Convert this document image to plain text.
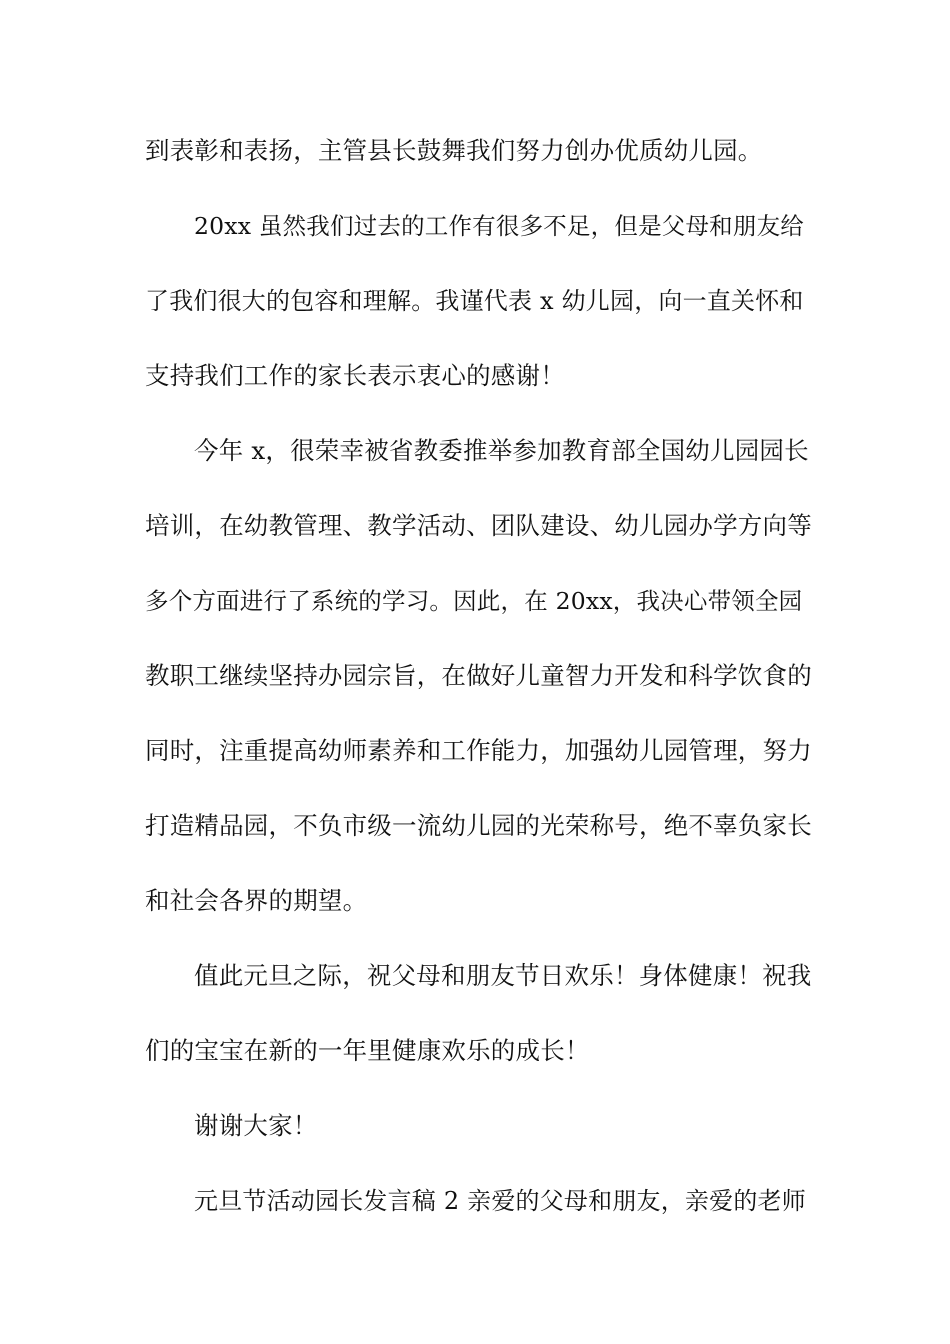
到表彰和表扬，主管县长鼓舞我们努力创办优质幼儿园。
20xx 虽然我们过去的工作有很多不足，但是父母和朋友给
了我们很大的包容和理解。我谨代表 x 幼儿园，向一直关怀和
支持我们工作的家长表示衷心的感谢！
今年 x，很荣幸被省教委推举参加教育部全国幼儿园园长
培训，在幼教管理、教学活动、团队建设、幼儿园办学方向等
多个方面进行了系统的学习。因此，在 20xx，我决心带领全园
教职工继续坚持办园宗旨，在做好儿童智力开发和科学饮食的
同时，注重提高幼师素养和工作能力，加强幼儿园管理，努力
打造精品园，不负市级一流幼儿园的光荣称号，绝不辜负家长
和社会各界的期望。
值此元旦之际，祝父母和朋友节日欢乐！身体健康！祝我
们的宝宝在新的一年里健康欢乐的成长！
谢谢大家！
元旦节活动园长发言稿 2 亲爱的父母和朋友，亲爱的老师
